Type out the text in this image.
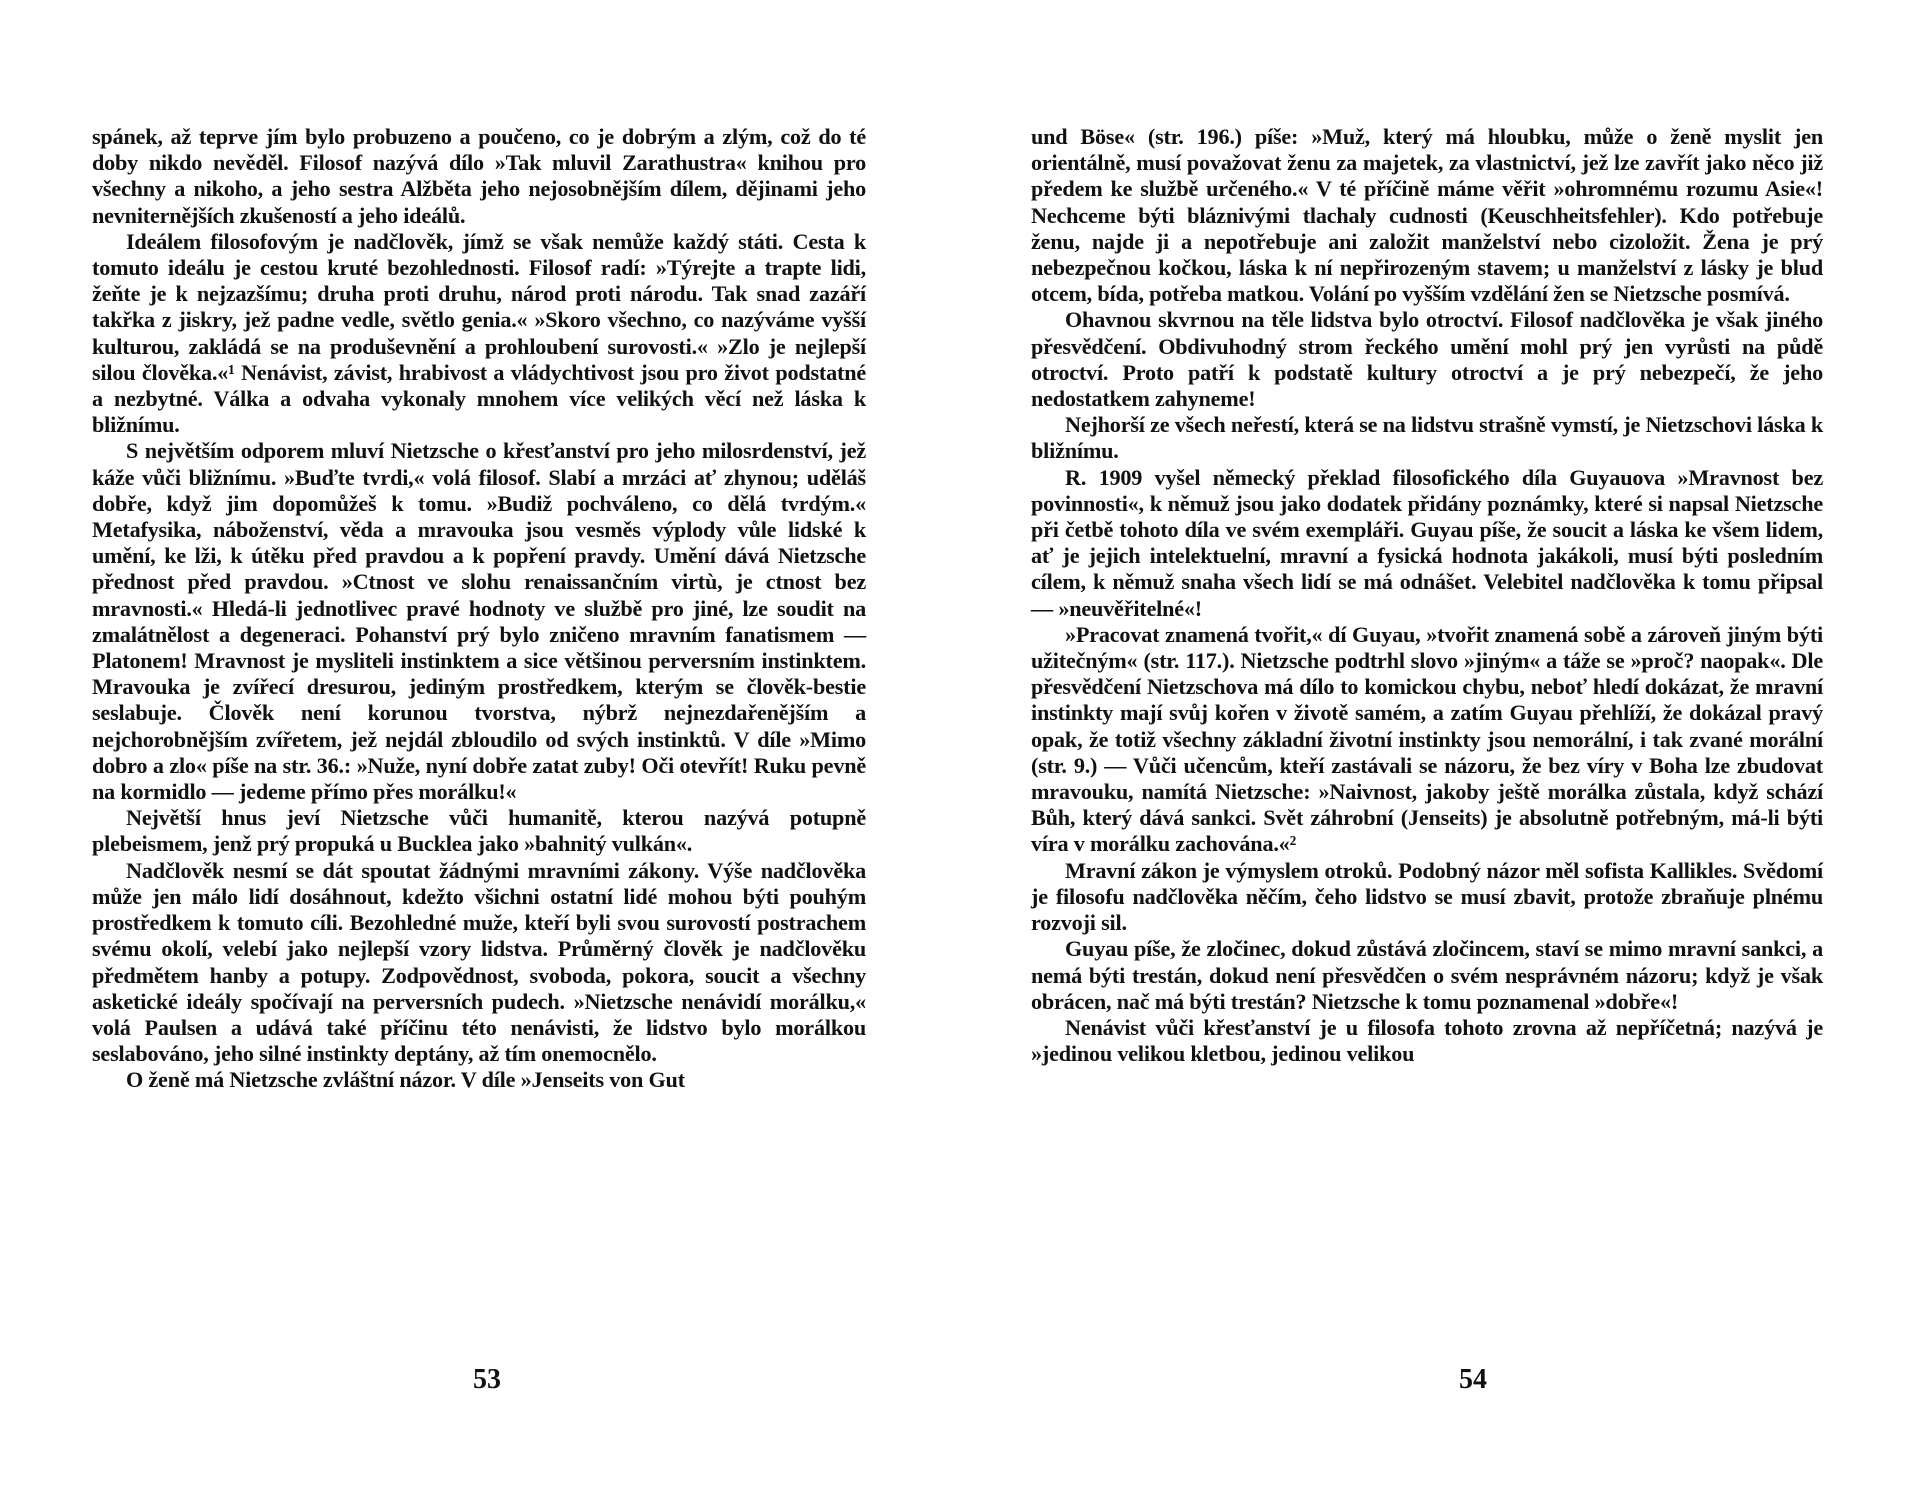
spánek, až teprve jím bylo probuzeno a poučeno, co je dobrým a zlým, což do té doby nikdo nevěděl. Filosof nazývá dílo »Tak mluvil Zarathustra« knihou pro všechny a nikoho, a jeho sestra Alžběta jeho nejosobnějším dílem, dějinami jeho nevniternějších zkušeností a jeho ideálů.

Ideálem filosofovým je nadčlověk, jímž se však nemůže každý státi. Cesta k tomuto ideálu je cestou kruté bezohlednosti. Filosof radí: »Týrejte a trapte lidi, žeňte je k nejzazšímu; druha proti druhu, národ proti národu. Tak snad zazáří takřka z jiskry, jež padne vedle, světlo genia.« »Skoro všechno, co nazýváme vyšší kulturou, zakládá se na produševnění a prohloubení surovosti.« »Zlo je nejlepší silou člověka.«¹ Nenávist, závist, hrabivost a vládychtivost jsou pro život podstatné a nezbytné. Válka a odvaha vykonaly mnohem více velikých věcí než láska k bližnímu.

S největším odporem mluví Nietzsche o křesťanství pro jeho milosrdenství, jež káže vůči bližnímu. »Buďte tvrdi,« volá filosof. Slabí a mrzáci ať zhynou; uděláš dobře, když jim dopomůžeš k tomu. »Budiž pochváleno, co dělá tvrdým.« Metafysika, náboženství, věda a mravouka jsou vesměs výplody vůle lidské k umění, ke lži, k útěku před pravdou a k popření pravdy. Umění dává Nietzsche přednost před pravdou. »Ctnost ve slohu renaissančním virtù, je ctnost bez mravnosti.« Hledá-li jednotlivec pravé hodnoty ve službě pro jiné, lze soudit na zmalátnělost a degeneraci. Pohanství prý bylo zničeno mravním fanatismem — Platonem! Mravnost je mysliteli instinktem a sice většinou perversním instinktem. Mravouka je zvířecí dresurou, jediným prostředkem, kterým se člověk-bestie seslabuje. Člověk není korunou tvorstva, nýbrž nejnezdařenějším a nejchorobnějším zvířetem, jež nejdál zbloudilo od svých instinktů. V díle »Mimo dobro a zlo« píše na str. 36.: »Nuže, nyní dobře zatat zuby! Oči otevřít! Ruku pevně na kormidlo — jedeme přímo přes morálku!«

Největší hnus jeví Nietzsche vůči humanitě, kterou nazývá potupně plebeismem, jenž prý propuká u Bucklea jako »bahnitý vulkán«.

Nadčlověk nesmí se dát spoutat žádnými mravními zákony. Výše nadčlověka může jen málo lidí dosáhnout, kdežto všichni ostatní lidé mohou býti pouhým prostředkem k tomuto cíli. Bezohledné muže, kteří byli svou surovostí postrachem svému okolí, velebí jako nejlepší vzory lidstva. Průměrný člověk je nadčlověku předmětem hanby a potupy. Zodpovědnost, svoboda, pokora, soucit a všechny asketické ideály spočívají na perversních pudech. »Nietzsche nenávidí morálku,« volá Paulsen a udává také příčinu této nenávisti, že lidstvo bylo morálkou seslabováno, jeho silné instinkty deptány, až tím onemocnělo.

O ženě má Nietzsche zvláštní názor. V díle »Jenseits von Gut

53

und Böse« (str. 196.) píše: »Muž, který má hloubku, může o ženě myslit jen orientálně, musí považovat ženu za majetek, za vlastnictví, jež lze zavřít jako něco již předem ke službě určeného.« V té příčině máme věřit »ohromnému rozumu Asie«! Nechceme býti bláznivými tlachaly cudnosti (Keuschheitsfehler). Kdo potřebuje ženu, najde ji a nepotřebuje ani založit manželství nebo cizoložit. Žena je prý nebezpečnou kočkou, láska k ní nepřirozeným stavem; u manželství z lásky je blud otcem, bída, potřeba matkou. Volání po vyšším vzdělání žen se Nietzsche posmívá.

Ohavnou skvrnou na těle lidstva bylo otroctví. Filosof nadčlověka je však jiného přesvědčení. Obdivuhodný strom řeckého umění mohl prý jen vyrůsti na půdě otroctví. Proto patří k podstatě kultury otroctví a je prý nebezpečí, že jeho nedostatkem zahyneme!

Nejhorší ze všech neřestí, která se na lidstvu strašně vymstí, je Nietzschovi láska k bližnímu.

R. 1909 vyšel německý překlad filosofického díla Guyauova »Mravnost bez povinnosti«, k němuž jsou jako dodatek přidány poznámky, které si napsal Nietzsche při četbě tohoto díla ve svém exempláři. Guyau píše, že soucit a láska ke všem lidem, ať je jejich intelektuelní, mravní a fysická hodnota jakákoli, musí býti posledním cílem, k němuž snaha všech lidí se má odnášet. Velebitel nadčlověka k tomu připsal — »neuvěřitelné«!

»Pracovat znamená tvořit,« dí Guyau, »tvořit znamená sobě a zároveň jiným býti užitečným« (str. 117.). Nietzsche podtrhl slovo »jiným« a táže se »proč? naopak«. Dle přesvědčení Nietzschova má dílo to komickou chybu, neboť hledí dokázat, že mravní instinkty mají svůj kořen v životě samém, a zatím Guyau přehlíží, že dokázal pravý opak, že totiž všechny základní životní instinkty jsou nemorální, i tak zvané morální (str. 9.) — Vůči učencům, kteří zastávali se názoru, že bez víry v Boha lze zbudovat mravouku, namítá Nietzsche: »Naivnost, jakoby ještě morálka zůstala, když schází Bůh, který dává sankci. Svět záhrobní (Jenseits) je absolutně potřebným, má-li býti víra v morálku zachována.«²

Mravní zákon je výmyslem otroků. Podobný názor měl sofista Kallikles. Svědomí je filosofu nadčlověka něčím, čeho lidstvo se musí zbavit, protože zbraňuje plnému rozvoji sil.

Guyau píše, že zločinec, dokud zůstává zločincem, staví se mimo mravní sankci, a nemá býti trestán, dokud není přesvědčen o svém nesprávném názoru; když je však obrácen, nač má býti trestán? Nietzsche k tomu poznamenal »dobře«!

Nenávist vůči křesťanství je u filosofa tohoto zrovna až nepříčetná; nazývá je »jedinou velikou kletbou, jedinou velikou

54
